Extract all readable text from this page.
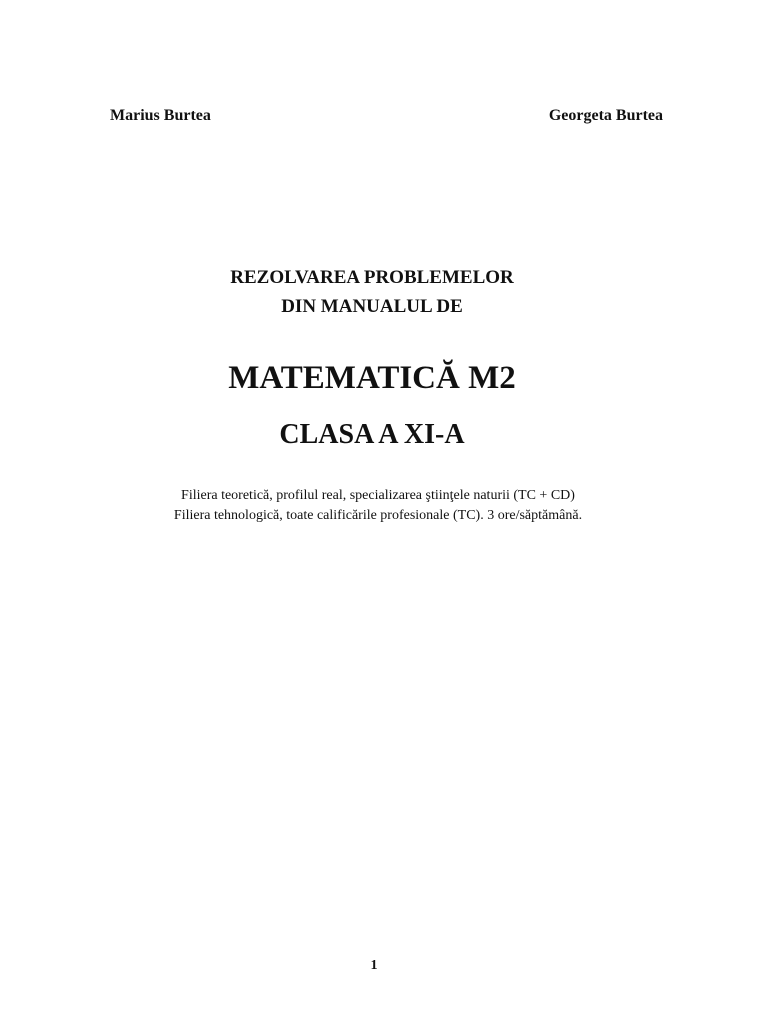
Marius Burtea	Georgeta Burtea
REZOLVAREA PROBLEMELOR
DIN MANUALUL DE
MATEMATICĂ M2
CLASA A XI-A
Filiera teoretică, profilul real, specializarea ştiinţele naturii (TC + CD)
Filiera tehnologică, toate calificările profesionale (TC). 3 ore/săptămână.
1
